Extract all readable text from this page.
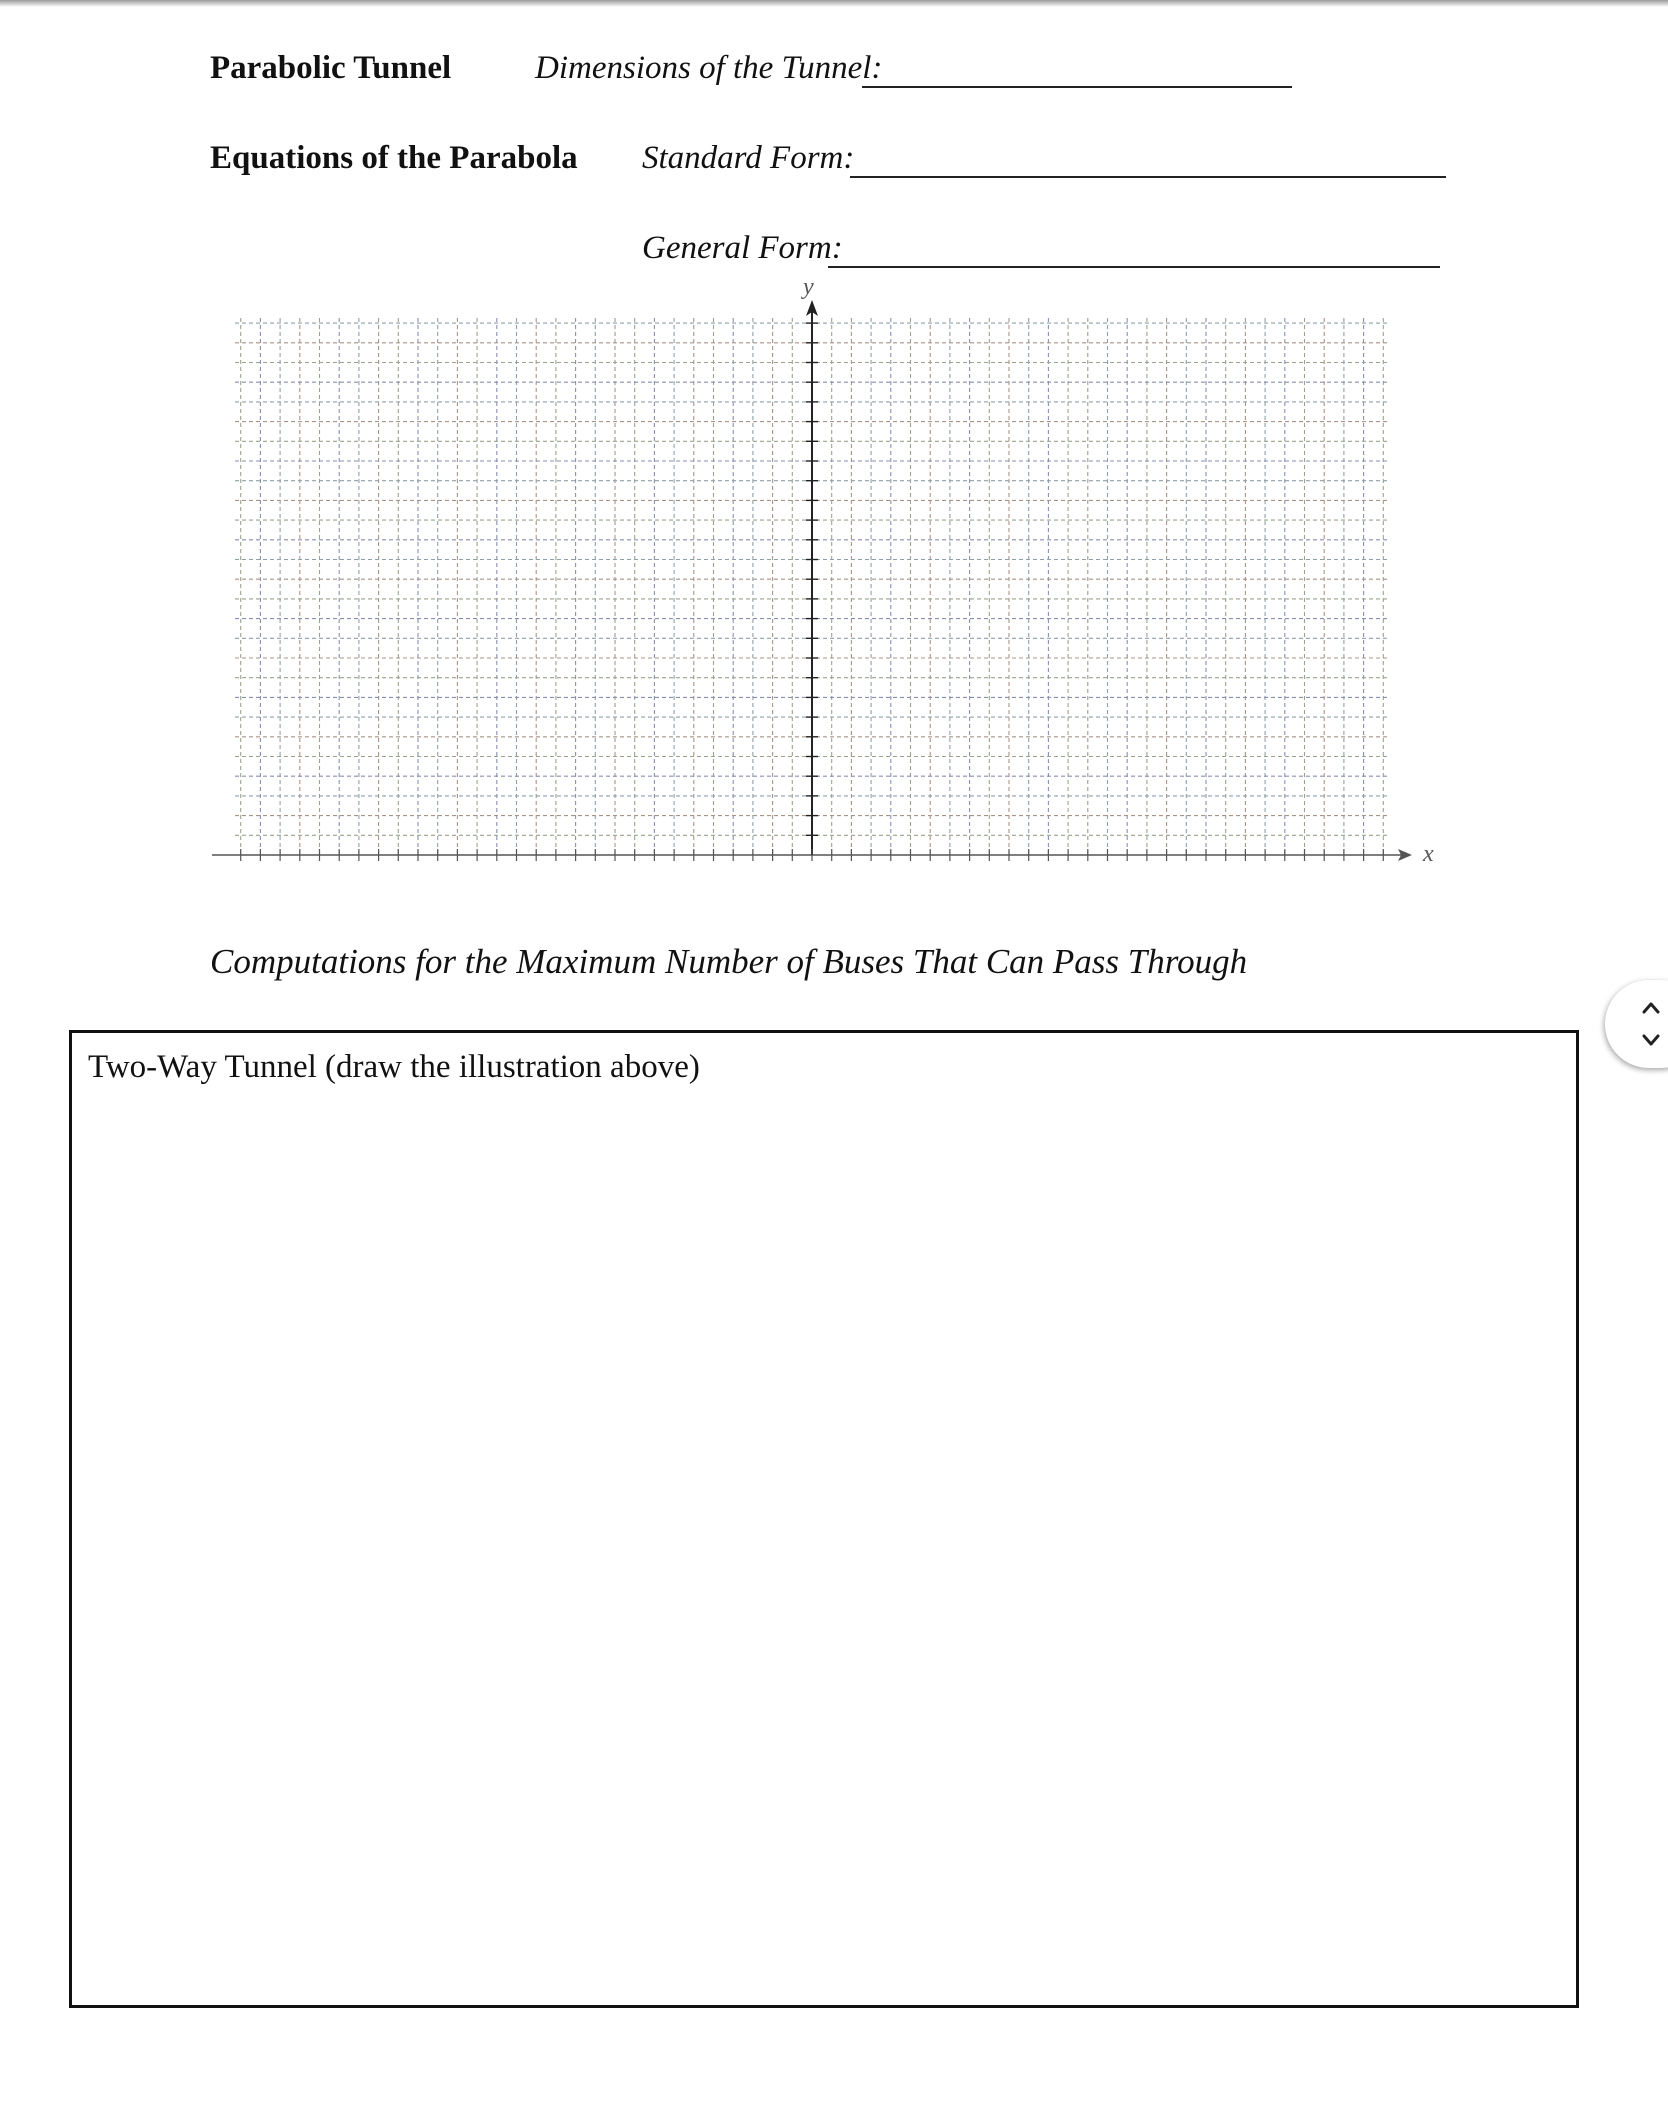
Parabolic Tunnel	Dimensions of the Tunnel:
Equations of the Parabola Standard Form:
General Form:
y
x
Computations for the Maximum Number of Buses That Can Pass Through
Two-Way Tunnel (draw the illustration above)
